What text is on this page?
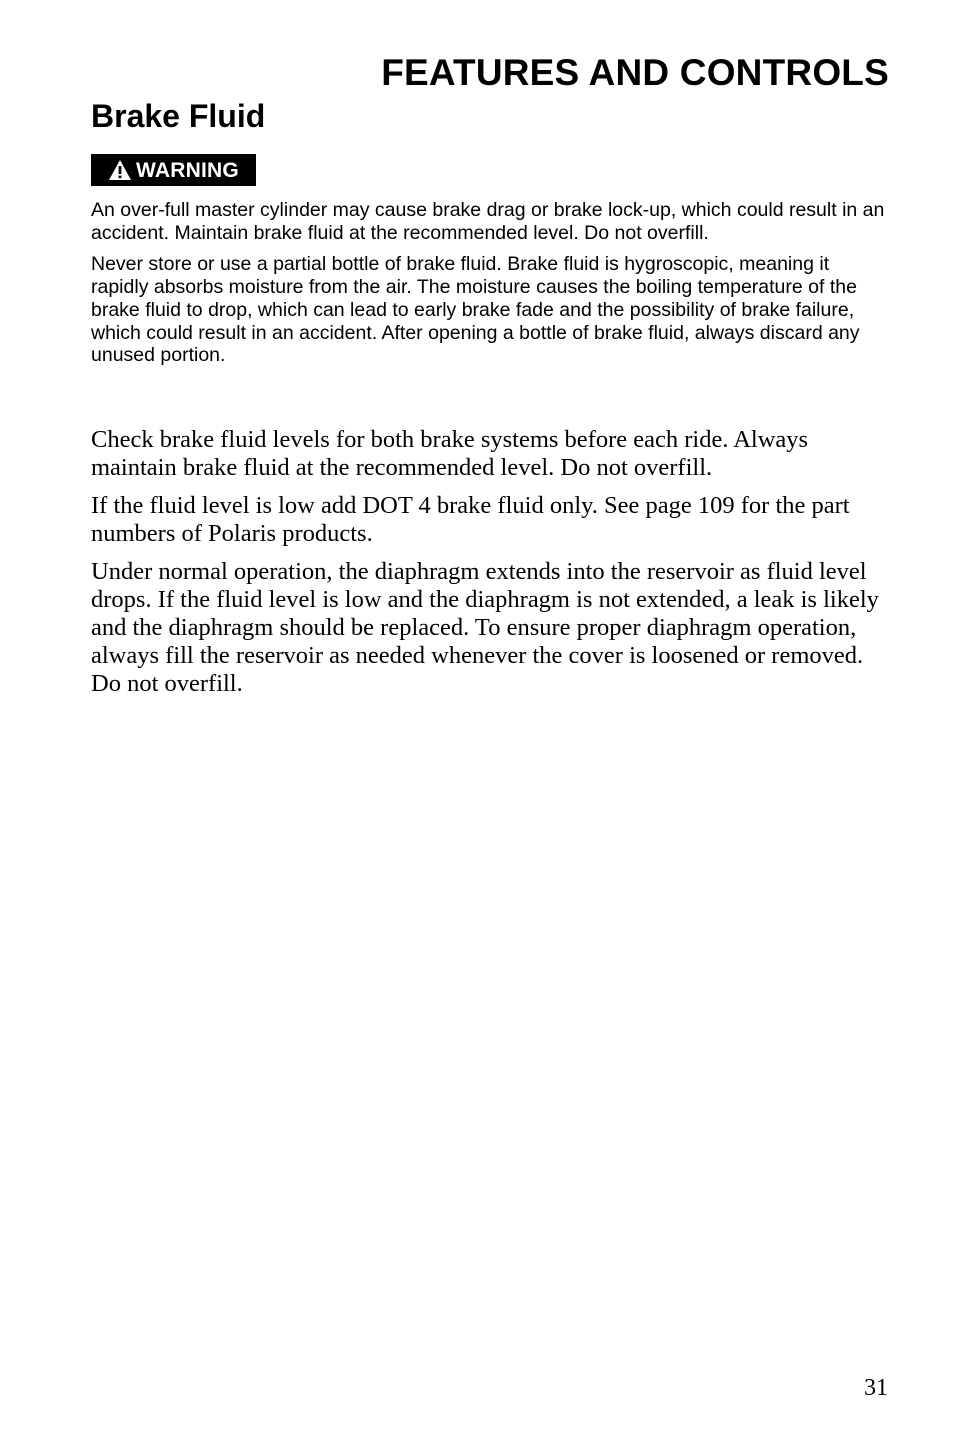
FEATURES AND CONTROLS
Brake Fluid
WARNING

An over-full master cylinder may cause brake drag or brake lock-up, which could result in an accident. Maintain brake fluid at the recommended level. Do not overfill.

Never store or use a partial bottle of brake fluid. Brake fluid is hygroscopic, meaning it rapidly absorbs moisture from the air. The moisture causes the boiling temperature of the brake fluid to drop, which can lead to early brake fade and the possibility of brake failure, which could result in an accident. After opening a bottle of brake fluid, always discard any unused portion.

Check brake fluid levels for both brake systems before each ride. Always maintain brake fluid at the recommended level. Do not overfill.

If the fluid level is low add DOT 4 brake fluid only. See page 109 for the part numbers of Polaris products.

Under normal operation, the diaphragm extends into the reservoir as fluid level drops. If the fluid level is low and the diaphragm is not extended, a leak is likely and the diaphragm should be replaced. To ensure proper diaphragm operation, always fill the reservoir as needed whenever the cover is loosened or removed. Do not overfill.

31
